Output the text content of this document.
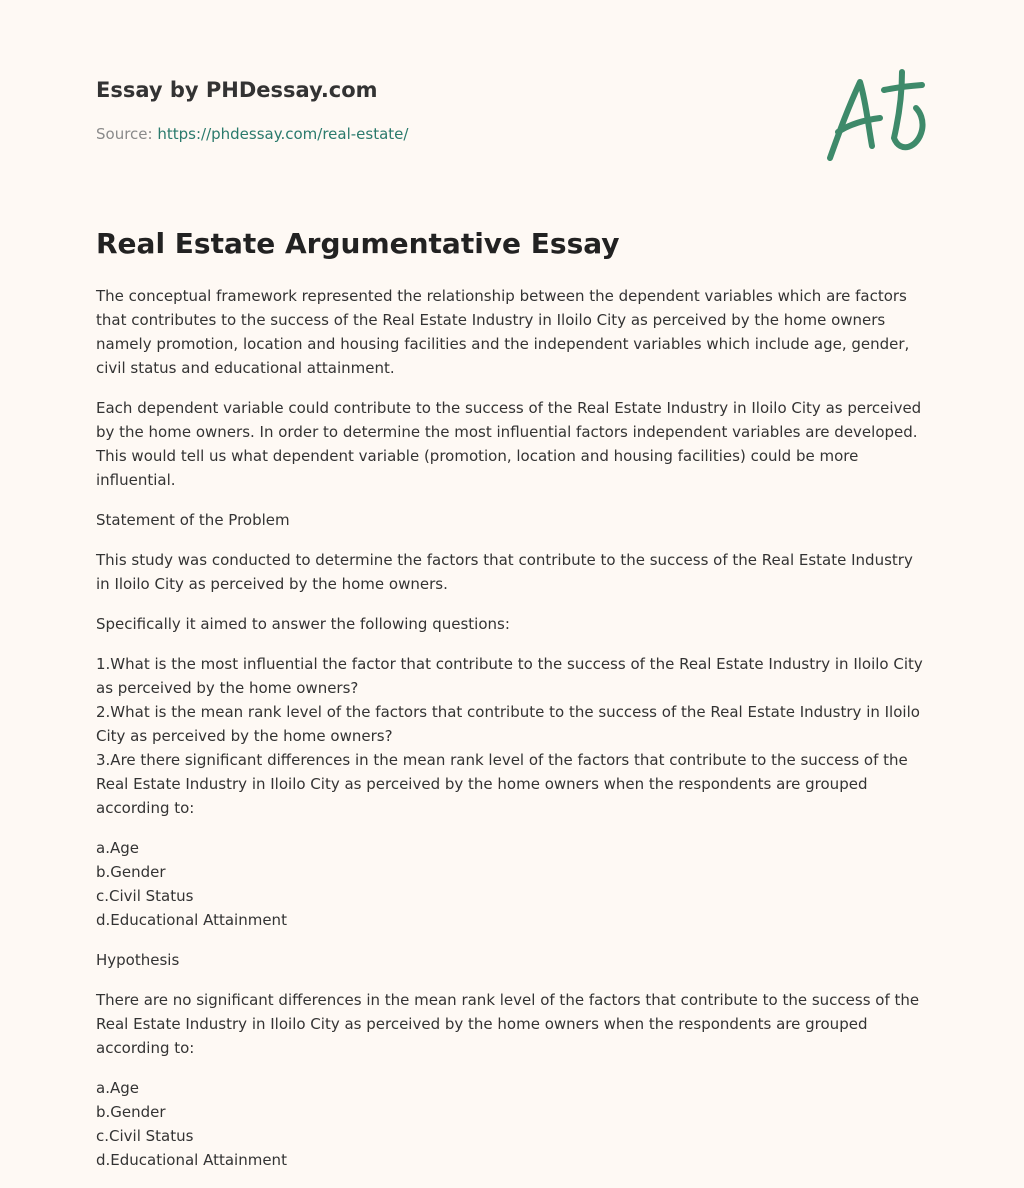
Essay by PHDessay.com

Source: https://phdessay.com/real-estate/

Real Estate Argumentative Essay

The conceptual framework represented the relationship between the dependent variables which are factors that contributes to the success of the Real Estate Industry in Iloilo City as perceived by the home owners namely promotion, location and housing facilities and the independent variables which include age, gender, civil status and educational attainment.

Each dependent variable could contribute to the success of the Real Estate Industry in Iloilo City as perceived by the home owners. In order to determine the most influential factors independent variables are developed. This would tell us what dependent variable (promotion, location and housing facilities) could be more influential.

Statement of the Problem

This study was conducted to determine the factors that contribute to the success of the Real Estate Industry in Iloilo City as perceived by the home owners.

Specifically it aimed to answer the following questions:

1.What is the most influential the factor that contribute to the success of the Real Estate Industry in Iloilo City as perceived by the home owners?
2.What is the mean rank level of the factors that contribute to the success of the Real Estate Industry in Iloilo City as perceived by the home owners?
3.Are there significant differences in the mean rank level of the factors that contribute to the success of the Real Estate Industry in Iloilo City as perceived by the home owners when the respondents are grouped according to:

a.Age
b.Gender
c.Civil Status
d.Educational Attainment

Hypothesis

There are no significant differences in the mean rank level of the factors that contribute to the success of the Real Estate Industry in Iloilo City as perceived by the home owners when the respondents are grouped according to:

a.Age
b.Gender
c.Civil Status
d.Educational Attainment
